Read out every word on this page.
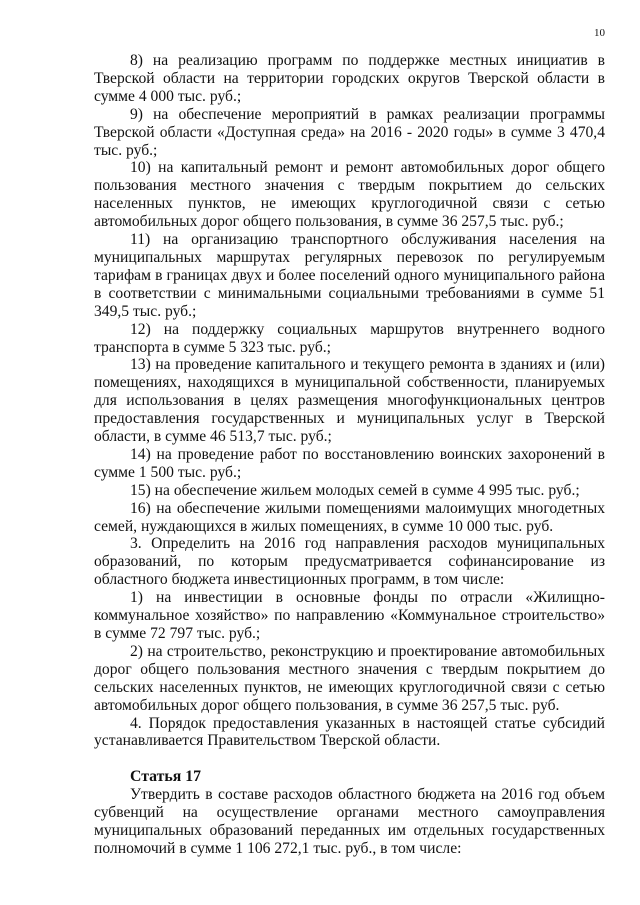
10

8) на реализацию программ по поддержке местных инициатив в Тверской области на территории городских округов Тверской области в сумме 4 000 тыс. руб.;

9) на обеспечение мероприятий в рамках реализации программы Тверской области «Доступная среда» на 2016 - 2020 годы» в сумме 3 470,4 тыс. руб.;

10) на капитальный ремонт и ремонт автомобильных дорог общего пользования местного значения с твердым покрытием до сельских населенных пунктов, не имеющих круглогодичной связи с сетью автомобильных дорог общего пользования, в сумме 36 257,5 тыс. руб.;

11) на организацию транспортного обслуживания населения на муниципальных маршрутах регулярных перевозок по регулируемым тарифам в границах двух и более поселений одного муниципального района в соответствии с минимальными социальными требованиями в сумме 51 349,5 тыс. руб.;

12) на поддержку социальных маршрутов внутреннего водного транспорта в сумме 5 323 тыс. руб.;

13) на проведение капитального и текущего ремонта в зданиях и (или) помещениях, находящихся в муниципальной собственности, планируемых для использования в целях размещения многофункциональных центров предоставления государственных и муниципальных услуг в Тверской области, в сумме 46 513,7 тыс. руб.;

14) на проведение работ по восстановлению воинских захоронений в сумме 1 500 тыс. руб.;

15) на обеспечение жильем молодых семей в сумме 4 995 тыс. руб.;

16) на обеспечение жилыми помещениями малоимущих многодетных семей, нуждающихся в жилых помещениях, в сумме 10 000 тыс. руб.

3. Определить на 2016 год направления расходов муниципальных образований, по которым предусматривается софинансирование из областного бюджета инвестиционных программ, в том числе:

1) на инвестиции в основные фонды по отрасли «Жилищно-коммунальное хозяйство» по направлению «Коммунальное строительство» в сумме 72 797 тыс. руб.;

2) на строительство, реконструкцию и проектирование автомобильных дорог общего пользования местного значения с твердым покрытием до сельских населенных пунктов, не имеющих круглогодичной связи с сетью автомобильных дорог общего пользования, в сумме 36 257,5 тыс. руб.

4. Порядок предоставления указанных в настоящей статье субсидий устанавливается Правительством Тверской области.

Статья 17

Утвердить в составе расходов областного бюджета на 2016 год объем субвенций на осуществление органами местного самоуправления муниципальных образований переданных им отдельных государственных полномочий в сумме 1 106 272,1 тыс. руб., в том числе:
